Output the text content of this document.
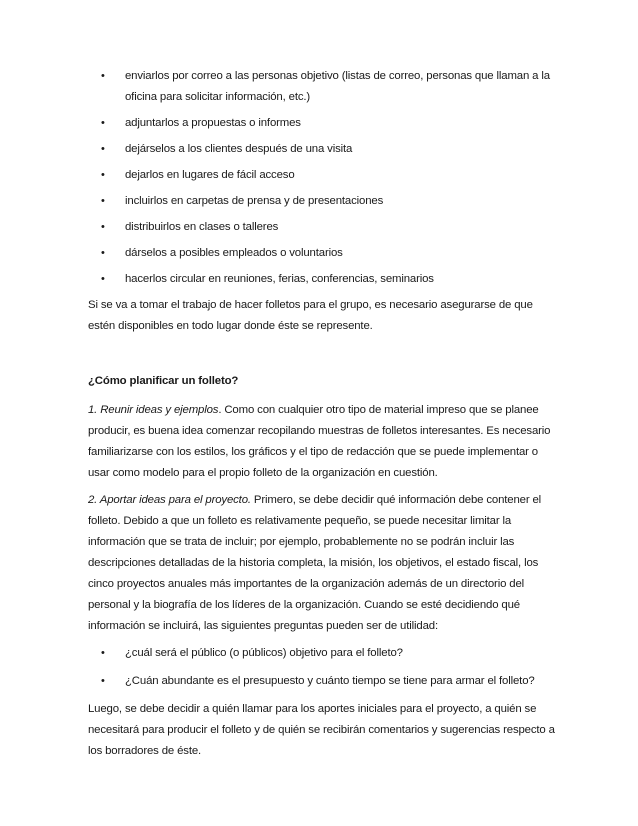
• enviarlos por correo a las personas objetivo (listas de correo, personas que llaman a la oficina para solicitar información, etc.)
• adjuntarlos a propuestas o informes
• dejárselos a los clientes después de una visita
• dejarlos en lugares de fácil acceso
• incluirlos en carpetas de prensa y de presentaciones
• distribuirlos en clases o talleres
• dárselos a posibles empleados o voluntarios
• hacerlos circular en reuniones, ferias, conferencias, seminarios

Si se va a tomar el trabajo de hacer folletos para el grupo, es necesario asegurarse de que estén disponibles en todo lugar donde éste se represente.

¿Cómo planificar un folleto?

1. Reunir ideas y ejemplos. Como con cualquier otro tipo de material impreso que se planee producir, es buena idea comenzar recopilando muestras de folletos interesantes. Es necesario familiarizarse con los estilos, los gráficos y el tipo de redacción que se puede implementar o usar como modelo para el propio folleto de la organización en cuestión.

2. Aportar ideas para el proyecto. Primero, se debe decidir qué información debe contener el folleto. Debido a que un folleto es relativamente pequeño, se puede necesitar limitar la información que se trata de incluir; por ejemplo, probablemente no se podrán incluir las descripciones detalladas de la historia completa, la misión, los objetivos, el estado fiscal, los cinco proyectos anuales más importantes de la organización además de un directorio del personal y la biografía de los líderes de la organización. Cuando se esté decidiendo qué información se incluirá, las siguientes preguntas pueden ser de utilidad:

• ¿cuál será el público (o públicos) objetivo para el folleto?
• ¿Cuán abundante es el presupuesto y cuánto tiempo se tiene para armar el folleto?

Luego, se debe decidir a quién llamar para los aportes iniciales para el proyecto, a quién se necesitará para producir el folleto y de quién se recibirán comentarios y sugerencias respecto a los borradores de éste.
